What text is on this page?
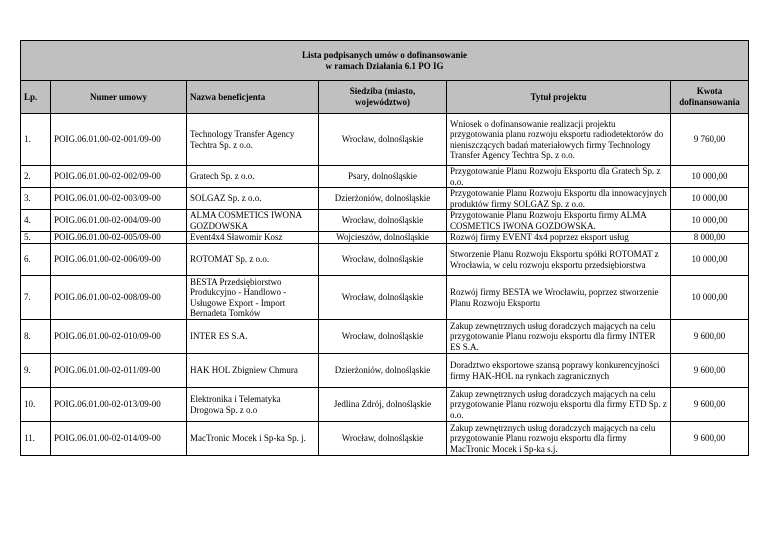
Lista podpisanych umów o dofinansowanie
w ramach Działania 6.1 PO IG					

Lp.	Numer umowy	Nazwa beneficjenta	Siedziba (miasto, województwo)	Tytuł projektu	Kwota dofinansowania
1.	POIG.06.01.00-02-001/09-00	Technology Transfer Agency Techtra Sp. z o.o.	Wrocław, dolnośląskie	Wniosek o dofinansowanie realizacji projektu przygotowania planu rozwoju eksportu radiodetektorów do nieniszczących badań materiałowych firmy Technology Transfer Agency Techtra Sp. z o.o.	9 760,00
2.	POIG.06.01.00-02-002/09-00	Gratech Sp. z o.o.	Psary, dolnośląskie	Przygotowanie Planu Rozwoju Eksportu dla Gratech Sp. z o.o.	10 000,00
3.	POIG.06.01.00-02-003/09-00	SOLGAZ Sp. z o.o.	Dzierżoniów, dolnośląskie	Przygotowanie Planu Rozwoju Eksportu dla innowacyjnych produktów firmy SOLGAZ Sp. z o.o.	10 000,00
4.	POIG.06.01.00-02-004/09-00	ALMA COSMETICS IWONA GOZDOWSKA	Wrocław, dolnośląskie	Przygotowanie Planu Rozwoju Eksportu firmy ALMA COSMETICS IWONA GOZDOWSKA.	10 000,00
5.	POIG.06.01.00-02-005/09-00	Event4x4 Sławomir Kosz	Wojcieszów, dolnośląskie	Rozwój firmy EVENT 4x4 poprzez eksport usług	8 000,00
6.	POIG.06.01.00-02-006/09-00	ROTOMAT Sp. z o.o.	Wrocław, dolnośląskie	Stworzenie Planu Rozwoju Eksportu spółki ROTOMAT z Wrocławia, w celu rozwoju eksportu przedsiębiorstwa	10 000,00
7.	POIG.06.01.00-02-008/09-00	BESTA Przedsiębiorstwo Produkcyjno - Handlowo - Usługowe Export - Import Bernadeta Tomków	Wrocław, dolnośląskie	Rozwój firmy BESTA we Wrocławiu, poprzez stworzenie Planu Rozwoju Eksportu	10 000,00
8.	POIG.06.01.00-02-010/09-00	INTER ES S.A.	Wrocław, dolnośląskie	Zakup zewnętrznych usług doradczych mających na celu przygotowanie Planu rozwoju eksportu dla firmy INTER ES S.A.	9 600,00
9.	POIG.06.01.00-02-011/09-00	HAK HOL Zbigniew Chmura	Dzierżoniów, dolnośląskie	Doradztwo eksportowe szansą poprawy konkurencyjności firmy HAK-HOL na rynkach zagranicznych	9 600,00
10.	POIG.06.01.00-02-013/09-00	Elektronika i Telematyka Drogowa Sp. z o.o	Jedlina Zdrój, dolnośląskie	Zakup zewnętrznych usług doradczych mających na celu przygotowanie Planu rozwoju eksportu dla firmy ETD Sp. z o.o.	9 600,00
11.	POIG.06.01.00-02-014/09-00	MacTronic Mocek i Sp-ka Sp. j.	Wrocław, dolnośląskie	Zakup zewnętrznych usług doradczych mających na celu przygotowanie Planu rozwoju eksportu dla firmy MacTronic Mocek i Sp-ka s.j.	9 600,00
